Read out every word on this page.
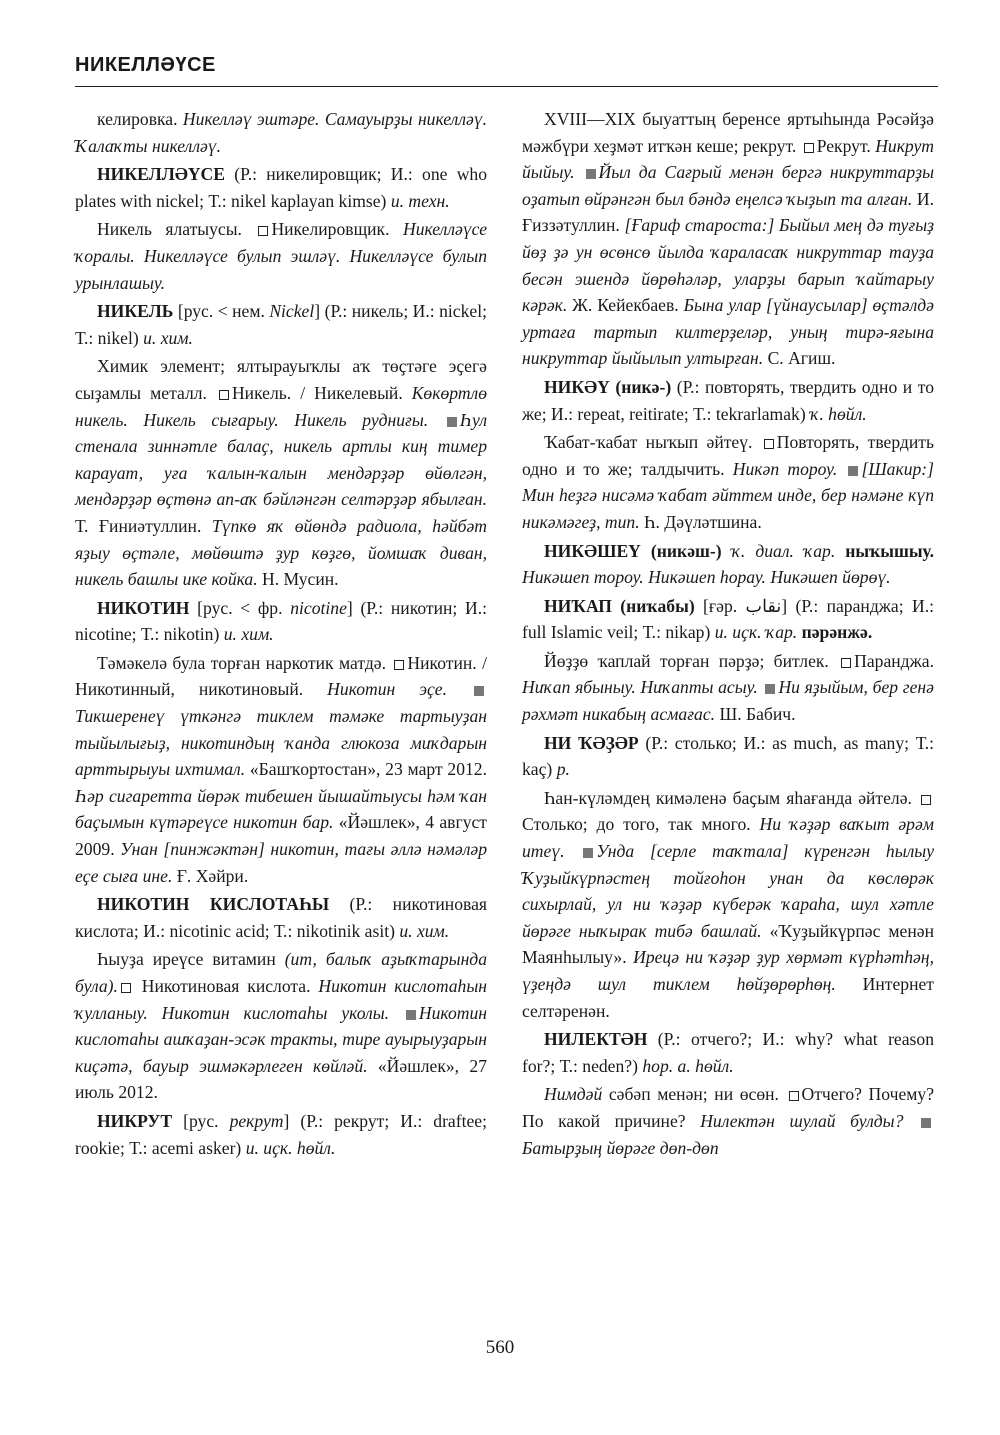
НИКЕЛЛӘҮСЕ

келировка. Никелләү эштәре. Самауырҙы никелләү. Ҡалаҡты никелләү.

НИКЕЛЛӘҮСЕ (Р.: никелировщик; И.: one who plates with nickel; Т.: nikel kaplayan kimse) и. техн.

Никель ялатыусы. Никелировщик. Никелләүсе ҡоралы. Никелләүсе булып эшләү. Никелләүсе булып урынлашыу.

НИКЕЛЬ [рус. < нем. Nickel] (Р.: никель; И.: nickel; Т.: nikel) и. хим.

Химик элемент; ялтырауыҡлы аҡ төҫтәге эҫегә сыҙамлы металл. Никель. / Никелевый. Көкөртлө никель. Никель сығарыу. Никель рудниғы. Һул стенала зиннәтле балаҫ, никель артлы киң тимер карауат, уға ҡалын-ҡалын мендәрҙәр өйөлгән, мендәрҙәр өҫтөнә ап-аҡ бәйләнгән селтәрҙәр ябылған. Т. Ғиниәтуллин. Түпкө яҡ өйөндә радиола, һәйбәт яҙыу өҫтәле, мөйөштә ҙур көҙгө, йомшаҡ диван, никель башлы ике койка. Н. Мусин.

НИКОТИН [рус. < фр. nicotine] (Р.: никотин; И.: nicotine; Т.: nikotin) и. хим.

Тәмәкелә була торған наркотик матдә. Никотин. / Никотинный, никотиновый. Никотин эҫе. Тикшеренеү үткәнгә тиклем тәмәке тартыуҙан тыйылығыҙ, никотиндың ҡанда глюкоза миҡдарын арттырыуы ихтимал. «Башҡортостан», 23 март 2012. Һәр сигаретта йөрәк тибешен йышайтыусы һәм ҡан баҫымын күтәреүсе никотин бар. «Йәшлек», 4 август 2009. Унан [пинжәктән] никотин, тағы әллә нәмәләр еҫе сыға ине. Ғ. Хәйри.

НИКОТИН КИСЛОТАҺЫ (Р.: никотиновая кислота; И.: nicotinic acid; Т.: nikotinik asit) и. хим.

Һыуҙа иреүсе витамин (ит, балыҡ аҙыҡтарында була). Никотиновая кислота. Никотин кислотаһын ҡулланыу. Никотин кислотаһы уколы. Никотин кислотаһы ашҡаҙан-эсәк тракты, тире ауырыуҙарын киҫәтә, бауыр эшмәкәрлеген көйләй. «Йәшлек», 27 июль 2012.

НИКРУТ [рус. рекрут] (Р.: рекрут; И.: draftee; rookie; Т.: acemi asker) и. иҫк. һөйл.

XVIII—XIX быуаттың беренсе яртыһында Рәсәйҙә мәжбүри хеҙмәт итҡән кеше; рекрут. Рекрут. Никрут йыйыу. Йыл да Сағрый менән бергә никруттарҙы оҙатып өйрәнгән был бәндә еңелсә ҡыҙып та алған. И. Ғиззәтуллин. [Ғариф староста:] Быйыл мең дә туғыҙ йөҙ ҙә ун өсөнсө йылда ҡараласаҡ никруттар тауҙа бесән эшендә йөрөһәләр, уларҙы барып ҡайтарыу кәрәк. Ж. Кейекбаев. Бына улар [үйнаусылар] өҫтәлдә уртаға тартып килтерҙеләр, уның тирә-яғына никруттар йыйылып ултырған. С. Агиш.

НИКӘҮ (никә-) (Р.: повторять, твердить одно и то же; И.: repeat, reitirate; Т.: tekrarlamak) ҡ. һөйл.

Ҡабат-ҡабат ныҡып әйтеү. Повторять, твердить одно и то же; талдычить. Никәп тороу. [Шакир:] Мин һеҙгә нисәмә ҡабат әйттем инде, бер нәмәне күп никәмәгеҙ, тип. Һ. Дәүләтшина.

НИКӘШЕҮ (никәш-) ҡ. диал. ҡар. ныҡышыу. Никәшеп тороу. Никәшеп һорау. Никәшеп йөрөү.

НИҠАП (ниҡабы) [ғәр. نقاب] (Р.: паранджа; И.: full Islamic veil; Т.: nikap) и. иҫк. ҡар. пәрәнжә.

Йөҙҙө ҡаплай торған пәрҙә; битлек. Паранджа. Ниҡап ябыныу. Ниҡапты асыу. Ни яҙыйым, бер генә рәхмәт никабың асмағас. Ш. Бабич.

НИ ҠӘҘӘР (Р.: столько; И.: as much, as many; Т.: kaç) р.

Һан-күләмдең кимәленә баҫым яһағанда әйтелә. Столько; до того, так много. Ни ҡәҙәр ваҡыт әрәм итеү. Унда [серле таҡтала] күренгән һылыу Ҡуҙыйкүрпәстең тойғоһон унан да көслөрәк сихырлай, ул ни ҡәҙәр күберәк ҡараһа, шул хәтле йөрәге ныҡырак тибә башлай. «Ҡуҙыйкүрпәс менән Маянһылыу». Ирецә ни ҡәҙәр ҙур хөрмәт күрһәтһәң, үҙеңдә шул тиклем һөйҙөрөрһөң. Интернет селтәренән.

НИЛЕКТӘН (Р.: отчего?; И.: why? what reason for?; Т.: neden?) һор. а. һөйл.

Нимдәй сәбәп менән; ни өсөн. Отчего? Почему? По какой причине? Нилектән шулай булды? Батырҙың йөрәге дөп-дөп

560
